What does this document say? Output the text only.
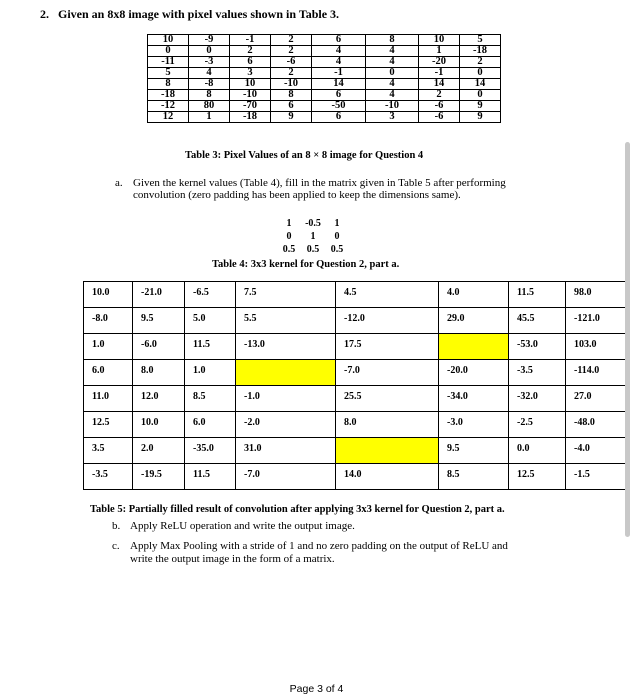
2. Given an 8x8 image with pixel values shown in Table 3.
10	-9	-1	2	6	8	10	5
0	0	2	2	4	4	1	-18
-11	-3	6	-6	4	4	-20	2
5	4	3	2	-1	0	-1	0
8	-8	10	-10	14	4	14	14
-18	8	-10	8	6	4	2	0
-12	80	-70	6	-50	-10	-6	9
12	1	-18	9	6	3	-6	9
Table 3: Pixel Values of an 8 × 8 image for Question 4
a. Given the kernel values (Table 4), fill in the matrix given in Table 5 after performing
convolution (zero padding has been applied to keep the dimensions same).
1	-0.5	1
0	1	0
0.5	0.5	0.5
Table 4: 3x3 kernel for Question 2, part a.
10.0	-21.0	-6.5	7.5	4.5	4.0	11.5	98.0
-8.0	9.5	5.0	5.5	-12.0	29.0	45.5	-121.0
1.0	-6.0	11.5	-13.0	17.5		-53.0	103.0
6.0	8.0	1.0		-7.0	-20.0	-3.5	-114.0
11.0	12.0	8.5	-1.0	25.5	-34.0	-32.0	27.0
12.5	10.0	6.0	-2.0	8.0	-3.0	-2.5	-48.0
3.5	2.0	-35.0	31.0		9.5	0.0	-4.0
-3.5	-19.5	11.5	-7.0	14.0	8.5	12.5	-1.5
Table 5: Partially filled result of convolution after applying 3x3 kernel for Question 2, part a.
b. Apply ReLU operation and write the output image.
c. Apply Max Pooling with a stride of 1 and no zero padding on the output of ReLU and
write the output image in the form of a matrix.
Page 3 of 4
